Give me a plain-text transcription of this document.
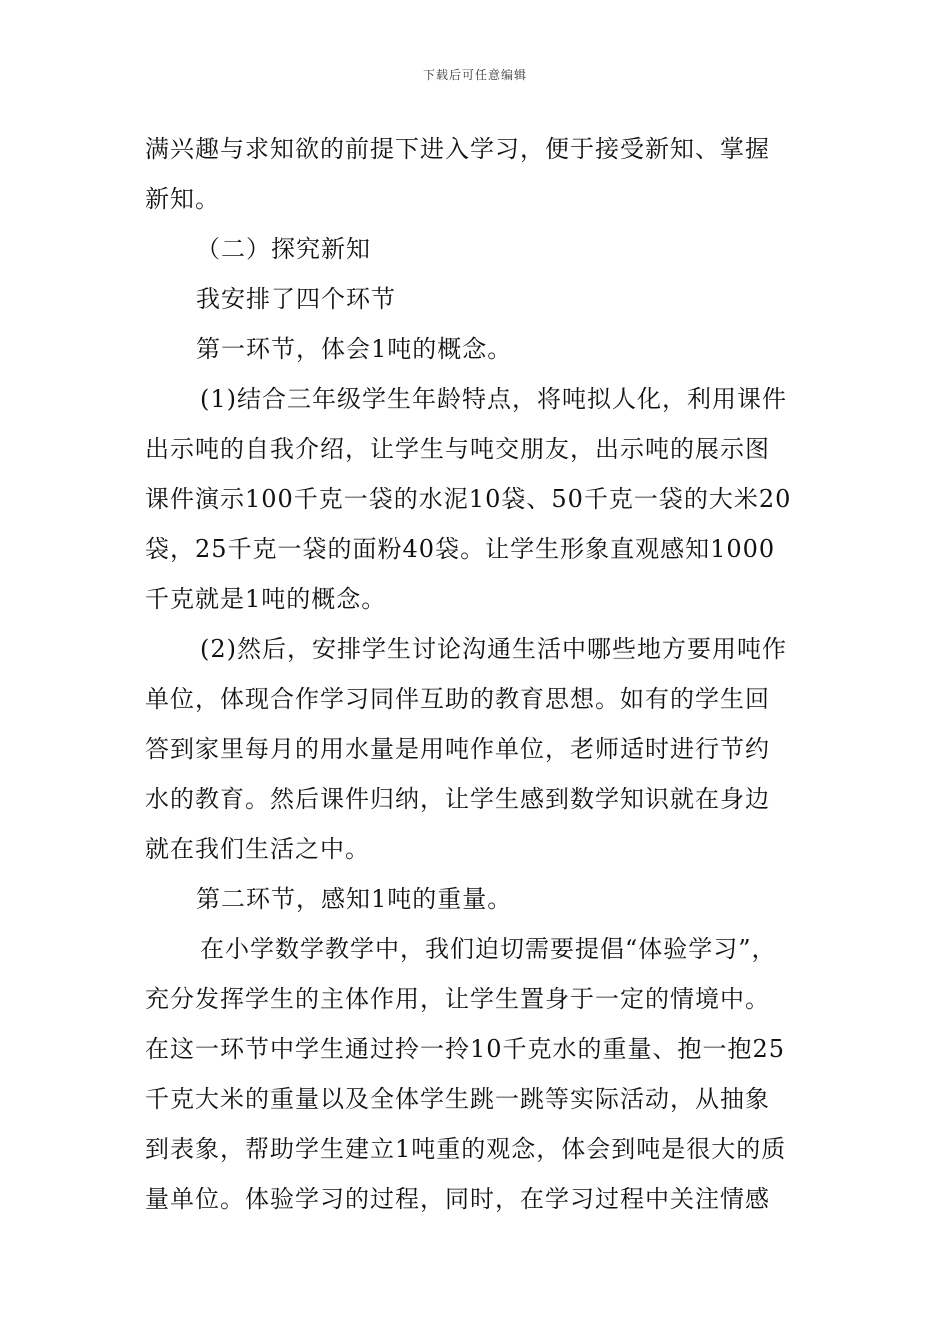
下载后可任意编辑
满兴趣与求知欲的前提下进入学习，便于接受新知、掌握
新知。
（二）探究新知
我安排了四个环节
第一环节，体会1吨的概念。
(1)结合三年级学生年龄特点，将吨拟人化，利用课件
出示吨的自我介绍，让学生与吨交朋友，出示吨的展示图
课件演示100千克一袋的水泥10袋、50千克一袋的大米20
袋，25千克一袋的面粉40袋。让学生形象直观感知1000
千克就是1吨的概念。
(2)然后，安排学生讨论沟通生活中哪些地方要用吨作
单位，体现合作学习同伴互助的教育思想。如有的学生回
答到家里每月的用水量是用吨作单位，老师适时进行节约
水的教育。然后课件归纳，让学生感到数学知识就在身边
就在我们生活之中。
第二环节，感知1吨的重量。
在小学数学教学中，我们迫切需要提倡“体验学习”，
充分发挥学生的主体作用，让学生置身于一定的情境中。
在这一环节中学生通过拎一拎10千克水的重量、抱一抱25
千克大米的重量以及全体学生跳一跳等实际活动，从抽象
到表象，帮助学生建立1吨重的观念，体会到吨是很大的质
量单位。体验学习的过程，同时，在学习过程中关注情感
